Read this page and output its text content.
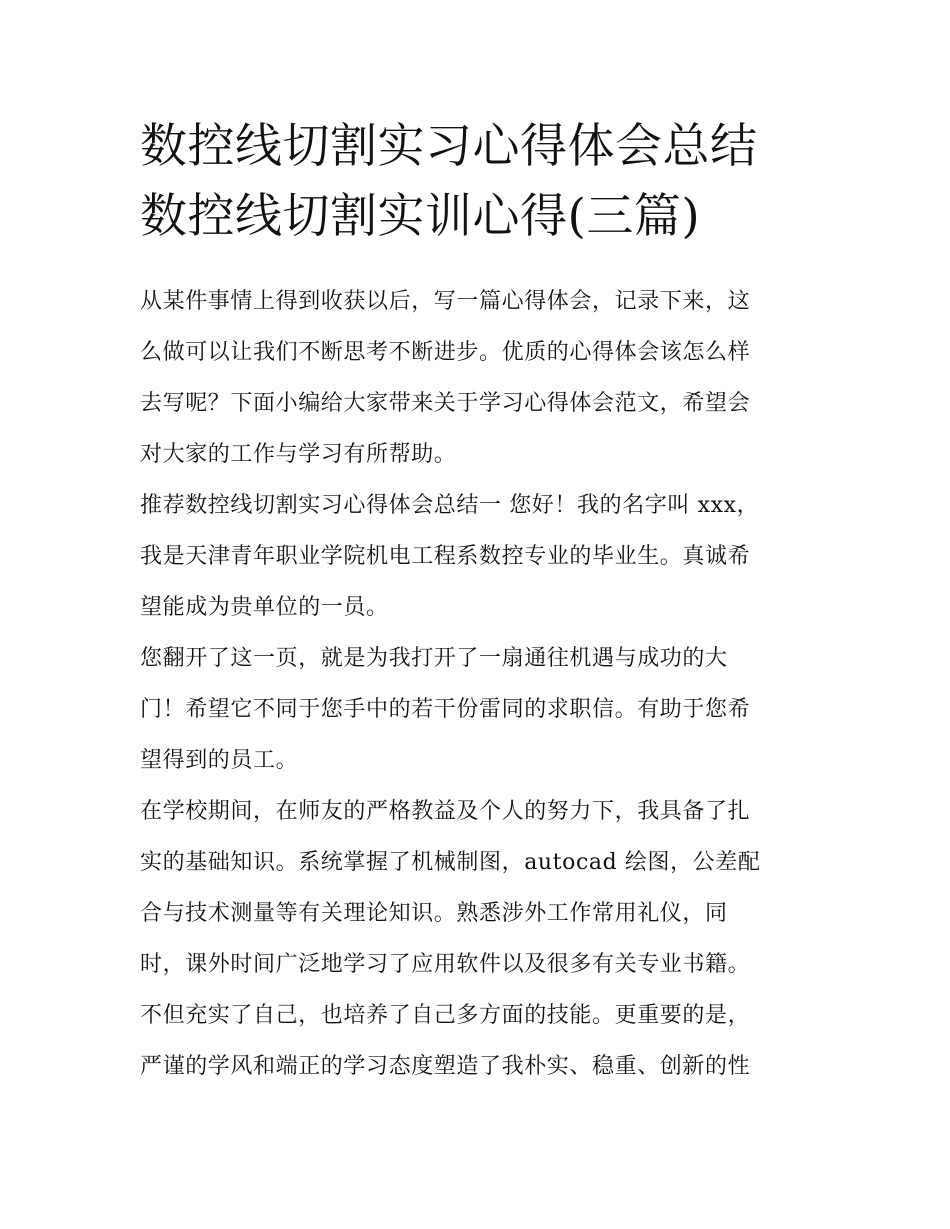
数控线切割实习心得体会总结
数控线切割实训心得(三篇)
从某件事情上得到收获以后，写一篇心得体会，记录下来，这
么做可以让我们不断思考不断进步。优质的心得体会该怎么样
去写呢？下面小编给大家带来关于学习心得体会范文，希望会
对大家的工作与学习有所帮助。
推荐数控线切割实习心得体会总结一 您好！我的名字叫 xxx，
我是天津青年职业学院机电工程系数控专业的毕业生。真诚希
望能成为贵单位的一员。
您翻开了这一页，就是为我打开了一扇通往机遇与成功的大
门！希望它不同于您手中的若干份雷同的求职信。有助于您希
望得到的员工。
在学校期间，在师友的严格教益及个人的努力下，我具备了扎
实的基础知识。系统掌握了机械制图，autocad 绘图，公差配
合与技术测量等有关理论知识。熟悉涉外工作常用礼仪，同
时，课外时间广泛地学习了应用软件以及很多有关专业书籍。
不但充实了自己，也培养了自己多方面的技能。更重要的是，
严谨的学风和端正的学习态度塑造了我朴实、稳重、创新的性
